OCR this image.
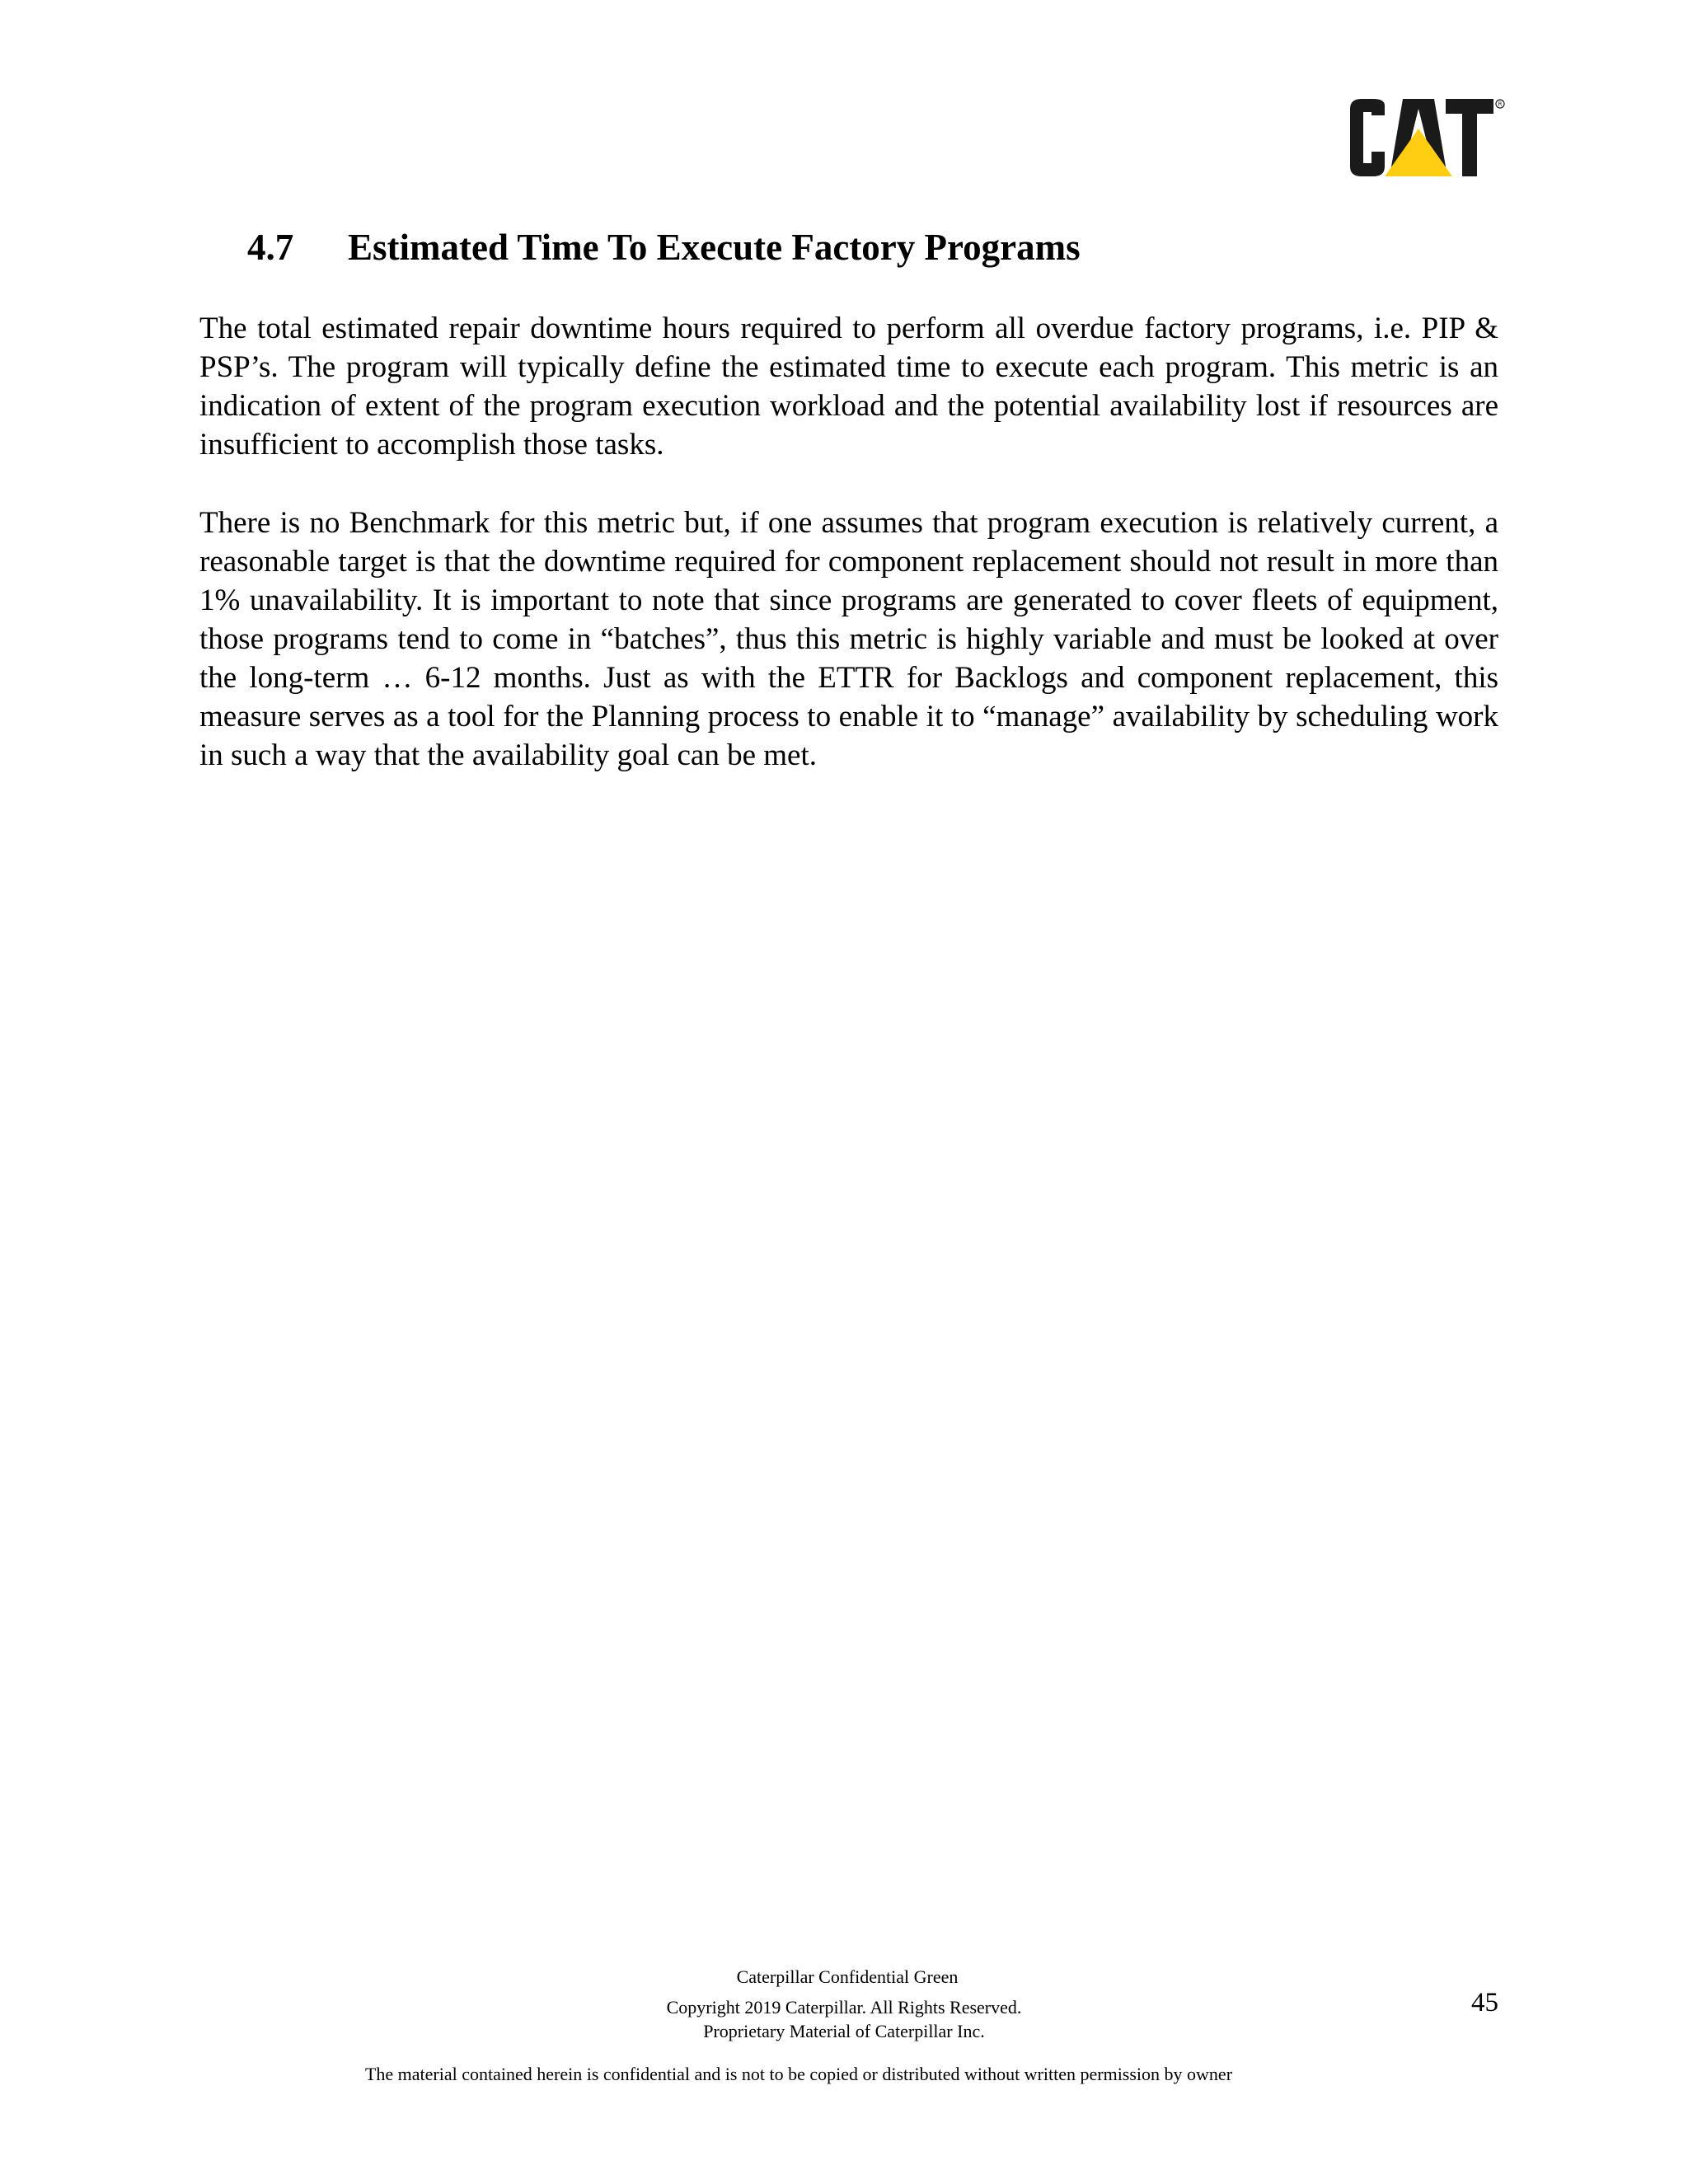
R
4.7 Estimated Time To Execute Factory Programs

The total estimated repair downtime hours required to perform all overdue factory programs, i.e. PIP & PSP’s. The program will typically define the estimated time to execute each program. This metric is an indication of extent of the program execution workload and the potential availability lost if resources are insufficient to accomplish those tasks.

There is no Benchmark for this metric but, if one assumes that program execution is relatively current, a reasonable target is that the downtime required for component replacement should not result in more than 1% unavailability. It is important to note that since programs are generated to cover fleets of equipment, those programs tend to come in “batches”, thus this metric is highly variable and must be looked at over the long-term … 6-12 months. Just as with the ETTR for Backlogs and component replacement, this measure serves as a tool for the Planning process to enable it to “manage” availability by scheduling work in such a way that the availability goal can be met.

Caterpillar Confidential Green

Copyright 2019 Caterpillar. All Rights Reserved.

Proprietary Material of Caterpillar Inc.

The material contained herein is confidential and is not to be copied or distributed without written permission by owner

45
